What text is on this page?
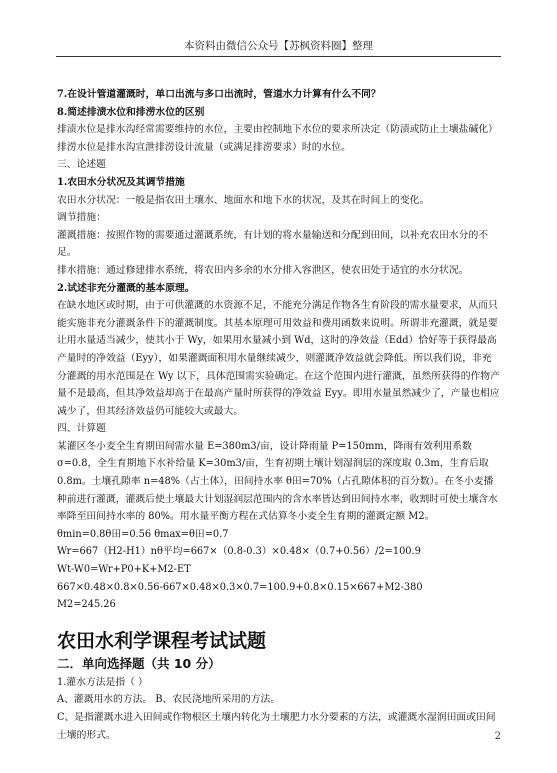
本资料由微信公众号【苏枫资料圈】整理

7.在设计管道灌溉时，单口出流与多口出流时，管道水力计算有什么不同？

8.简述排渍水位和排涝水位的区别

排渍水位是排水沟经常需要维持的水位，主要由控制地下水位的要求所决定（防渍或防止土壤盐碱化）

排涝水位是排水沟宣泄排涝设计流量（或满足排涝要求）时的水位。

三、论述题

1.农田水分状况及其调节措施

农田水分状况：一般是指农田土壤水、地面水和地下水的状况，及其在时间上的变化。

调节措施：

灌溉措施：按照作物的需要通过灌溉系统，有计划的将水量输送和分配到田间，以补充农田水分的不足。

排水措施：通过修建排水系统，将农田内多余的水分排入容泄区，使农田处于适宜的水分状况。

2.试述非充分灌溉的基本原理。

在缺水地区或时期，由于可供灌溉的水资源不足，不能充分满足作物各生育阶段的需水量要求，从而只能实施非充分灌溉条件下的灌溉制度。其基本原理可用效益和费用函数来说明。所谓非充灌溉，就是要让用水量适当减少，使其小于 Wy，如果用水量减小到 Wd，这时的净效益（Edd）恰好等于获得最高产量时的净效益（Eyy），如果灌溉面积用水量继续减少，则灌溉净效益就会降低。所以我们说，非充分灌溉的用水范围是在 Wy 以下，具体范围需实验确定。在这个范围内进行灌溉，虽然所获得的作物产量不是最高，但其净效益却高于在最高产量时所获得的净效益 Eyy。即用水量虽然减少了，产量也相应减少了，但其经济效益仍可能较大或最大。

四、计算题

某灌区冬小麦全生育期田间需水量 E=380m3/亩，设计降雨量 P=150mm，降雨有效利用系数 σ=0.8，全生育期地下水补给量 K=30m3/亩，生育初期土壤计划湿润层的深度取 0.3m，生育后取 0.8m。土壤孔隙率 n=48%（占土体），田间持水率 θ田=70%（占孔隙体积的百分数）。在冬小麦播种前进行灌溉，灌溉后使土壤最大计划湿润层范围内的含水率皆达到田间持水率，收割时可使土壤含水率降至田间持水率的 80%。用水量平衡方程在式估算冬小麦全生育期的灌溉定额 M2。

θmin=0.8θ田=0.56 θmax=θ田=0.7

Wr=667（H2-H1）nθ平均=667×（0.8-0.3）×0.48×（0.7+0.56）/2=100.9

Wt-W0=Wr+P0+K+M2-ET

667×0.48×0.8×0.56-667×0.48×0.3×0.7=100.9+0.8×0.15×667+M2-380

M2=245.26

农田水利学课程考试试题

二．单向选择题（共 10 分）

1.灌水方法是指（ ）

A、灌溉用水的方法。 B、农民浇地所采用的方法。

C、是指灌溉水进入田间或作物根区土壤内转化为土壤肥力水分要素的方法，或灌溉水湿润田面或田间土壤的形式。	2
